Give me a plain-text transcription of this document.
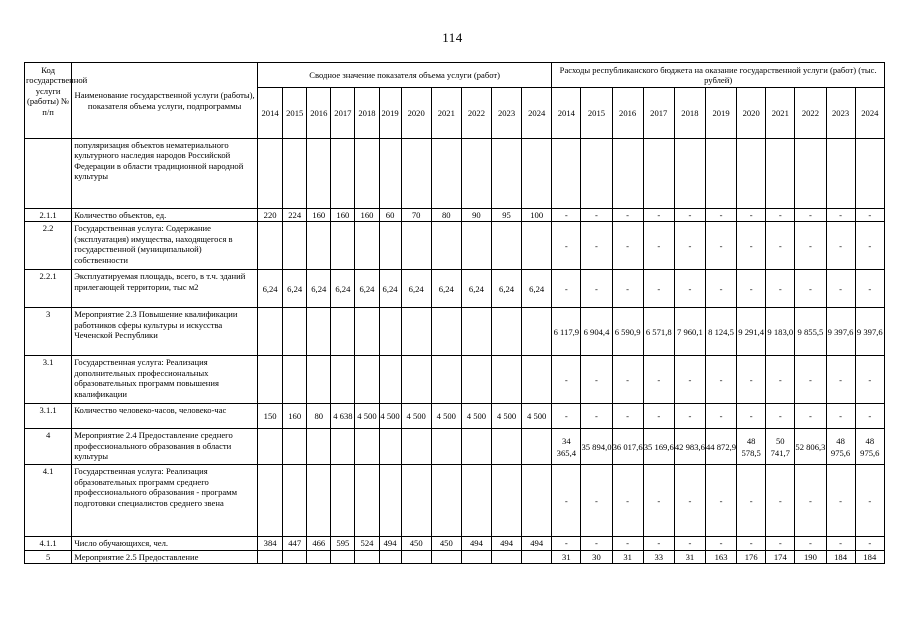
114
Код государственной услуги (работы) № п/п	Наименование государственной услуги (работы), показателя объема услуги, подпрограммы	Сводное значение показателя объема услуги (работ)											Расходы республиканского бюджета на оказание государственной услуги (работ) (тыс. рублей)										
		2014	2015	2016	2017	2018	2019	2020	2021	2022	2023	2024	2014	2015	2016	2017	2018	2019	2020	2021	2022	2023	2024
	популяризация объектов нематериального культурного наследия народов Российской Федерации в области традиционной народной культуры																						
2.1.1	Количество объектов, ед.	220	224	160	160	160	60	70	80	90	95	100	-	-	-	-	-	-	-	-	-	-	-
2.2	Государственная услуга: Содержание (эксплуатация) имущества, находящегося в государственной (муниципальной) собственности												-	-	-	-	-	-	-	-	-	-	-
2.2.1	Эксплуатируемая площадь, всего, в т.ч. зданий прилегающей территории, тыс м2	6,24	6,24	6,24	6,24	6,24	6,24	6,24	6,24	6,24	6,24	6,24	-	-	-	-	-	-	-	-	-	-	-
3	Мероприятие 2.3 Повышение квалификации работников сферы культуры и искусства Чеченской Республики												6 117,9	6 904,4	6 590,9	6 571,8	7 960,1	8 124,5	9 291,4	9 183,0	9 855,5	9 397,6	9 397,6
3.1	Государственная услуга: Реализация дополнительных профессиональных образовательных программ повышения квалификации												-	-	-	-	-	-	-	-	-	-	-
3.1.1	Количество человеко-часов, человеко-час	150	160	80	4 638	4 500	4 500	4 500	4 500	4 500	4 500	4 500	-	-	-	-	-	-	-	-	-	-	-
4	Мероприятие 2.4 Предоставление среднего профессионального образования в области культуры												34 365,4	35 894,0	36 017,6	35 169,6	42 983,6	44 872,9	48 578,5	50 741,7	52 806,3	48 975,6	48 975,6
4.1	Государственная услуга: Реализация образовательных программ среднего профессионального образования - программ подготовки специалистов среднего звена												-	-	-	-	-	-	-	-	-	-	-
4.1.1	Число обучающихся, чел.	384	447	466	595	524	494	450	450	494	494	494	-	-	-	-	-	-	-	-	-	-	-
5	Мероприятие 2.5 Предоставление												31	30	31	33	31	163	176	174	190	184	184
